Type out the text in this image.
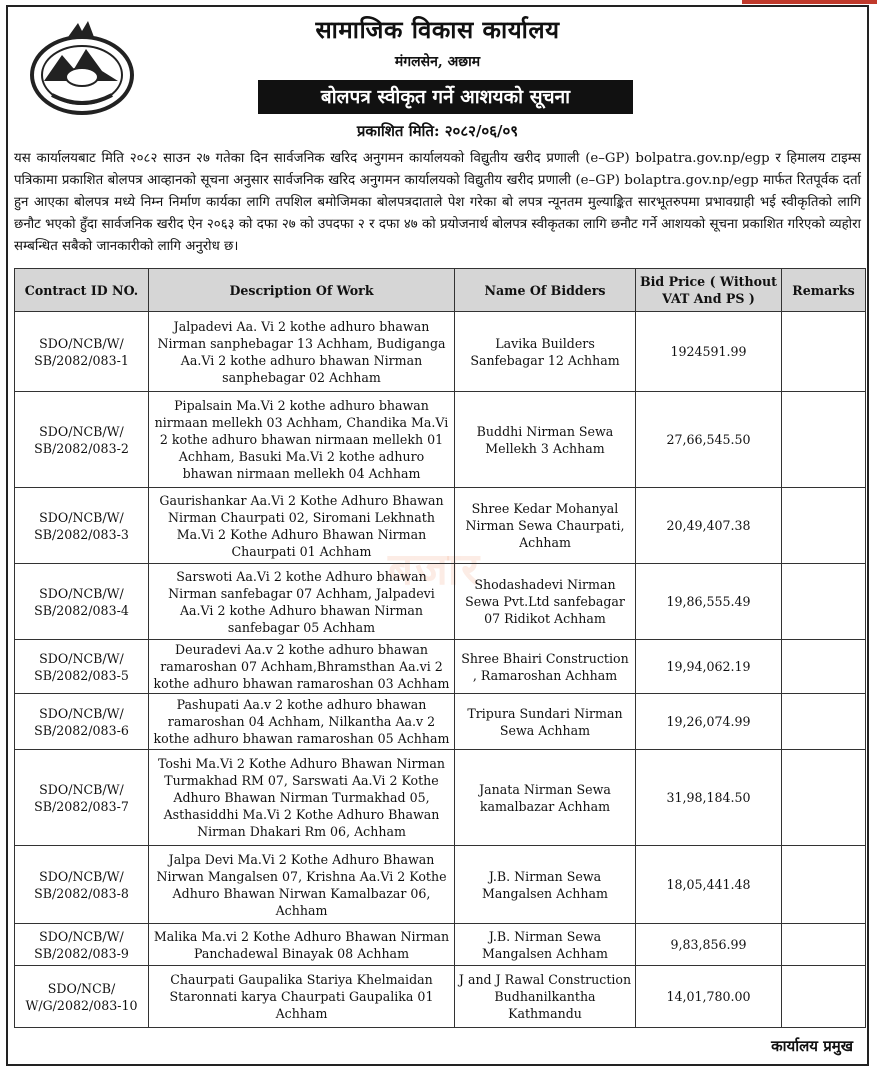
सामाजिक विकास कार्यालय
मंगलसेन, अछाम
बोलपत्र स्वीकृत गर्ने आशयको सूचना
प्रकाशित मिति: २०८२/०६/०९
यस कार्यालयबाट मिति २०८२ साउन २७ गतेका दिन सार्वजनिक खरिद अनुगमन कार्यालयको विद्युतीय खरीद प्रणाली (e–GP) bolpatra.gov.np/egp र हिमालय टाइम्स पत्रिकामा प्रकाशित बोलपत्र आव्हानको सूचना अनुसार सार्वजनिक खरिद अनुगमन कार्यालयको विद्युतीय खरीद प्रणाली (e–GP) bolaptra.gov.np/egp मार्फत रितपूर्वक दर्ता हुन आएका बोलपत्र मध्ये निम्न निर्माण कार्यका लागि तपशिल बमोजिमका बोलपत्रदाताले पेश गरेका बो लपत्र न्यूनतम मुल्याङ्कित सारभूतरुपमा प्रभावग्राही भई स्वीकृतिको लागि छनौट भएको हुँदा सार्वजनिक खरीद ऐन २०६३ को दफा २७ को उपदफा २ र दफा ४७ को प्रयोजनार्थ बोलपत्र स्वीकृतका लागि छनौट गर्ने आशयको सूचना प्रकाशित गरिएको व्यहोरा सम्बन्धित सबैको जानकारीको लागि अनुरोध छ।
बजार
कार्यालय प्रमुख
Contract ID NO.	Description Of Work	Name Of Bidders	Bid Price ( Without VAT And PS )	Remarks
SDO/NCB/W/ SB/2082/083-1	Jalpadevi Aa. Vi 2 kothe adhuro bhawan Nirman sanphebagar 13 Achham, Budiganga Aa.Vi 2 kothe adhuro bhawan Nirman sanphebagar 02 Achham	Lavika Builders Sanfebagar 12 Achham	1924591.99	
SDO/NCB/W/ SB/2082/083-2	Pipalsain Ma.Vi 2 kothe adhuro bhawan nirmaan mellekh 03 Achham, Chandika Ma.Vi 2 kothe adhuro bhawan nirmaan mellekh 01 Achham, Basuki Ma.Vi 2 kothe adhuro bhawan nirmaan mellekh 04 Achham	Buddhi Nirman Sewa Mellekh 3 Achham	27,66,545.50	
SDO/NCB/W/ SB/2082/083-3	Gaurishankar Aa.Vi 2 Kothe Adhuro Bhawan Nirman Chaurpati 02, Siromani Lekhnath Ma.Vi 2 Kothe Adhuro Bhawan Nirman Chaurpati 01 Achham	Shree Kedar Mohanyal Nirman Sewa Chaurpati, Achham	20,49,407.38	
SDO/NCB/W/ SB/2082/083-4	Sarswoti Aa.Vi 2 kothe Adhuro bhawan Nirman sanfebagar 07 Achham, Jalpadevi Aa.Vi 2 kothe Adhuro bhawan Nirman sanfebagar 05 Achham	Shodashadevi Nirman Sewa Pvt.Ltd sanfebagar 07 Ridikot Achham	19,86,555.49	
SDO/NCB/W/ SB/2082/083-5	Deuradevi Aa.v 2 kothe adhuro bhawan ramaroshan 07 Achham,Bhramsthan Aa.vi 2 kothe adhuro bhawan ramaroshan 03 Achham	Shree Bhairi Construction , Ramaroshan Achham	19,94,062.19	
SDO/NCB/W/ SB/2082/083-6	Pashupati Aa.v 2 kothe adhuro bhawan ramaroshan 04 Achham, Nilkantha Aa.v 2 kothe adhuro bhawan ramaroshan 05 Achham	Tripura Sundari Nirman Sewa Achham	19,26,074.99	
SDO/NCB/W/ SB/2082/083-7	Toshi Ma.Vi 2 Kothe Adhuro Bhawan Nirman Turmakhad RM 07, Sarswati Aa.Vi 2 Kothe Adhuro Bhawan Nirman Turmakhad 05, Asthasiddhi Ma.Vi 2 Kothe Adhuro Bhawan Nirman Dhakari Rm 06, Achham	Janata Nirman Sewa kamalbazar Achham	31,98,184.50	
SDO/NCB/W/ SB/2082/083-8	Jalpa Devi Ma.Vi 2 Kothe Adhuro Bhawan Nirwan Mangalsen 07, Krishna Aa.Vi 2 Kothe Adhuro Bhawan Nirwan Kamalbazar 06, Achham	J.B. Nirman Sewa Mangalsen Achham	18,05,441.48	
SDO/NCB/W/ SB/2082/083-9	Malika Ma.vi 2 Kothe Adhuro Bhawan Nirman Panchadewal Binayak 08 Achham	J.B. Nirman Sewa Mangalsen Achham	9,83,856.99	
SDO/NCB/ W/G/2082/083-10	Chaurpati Gaupalika Stariya Khelmaidan Staronnati karya Chaurpati Gaupalika 01 Achham	J and J Rawal Construction Budhanilkantha Kathmandu	14,01,780.00	
